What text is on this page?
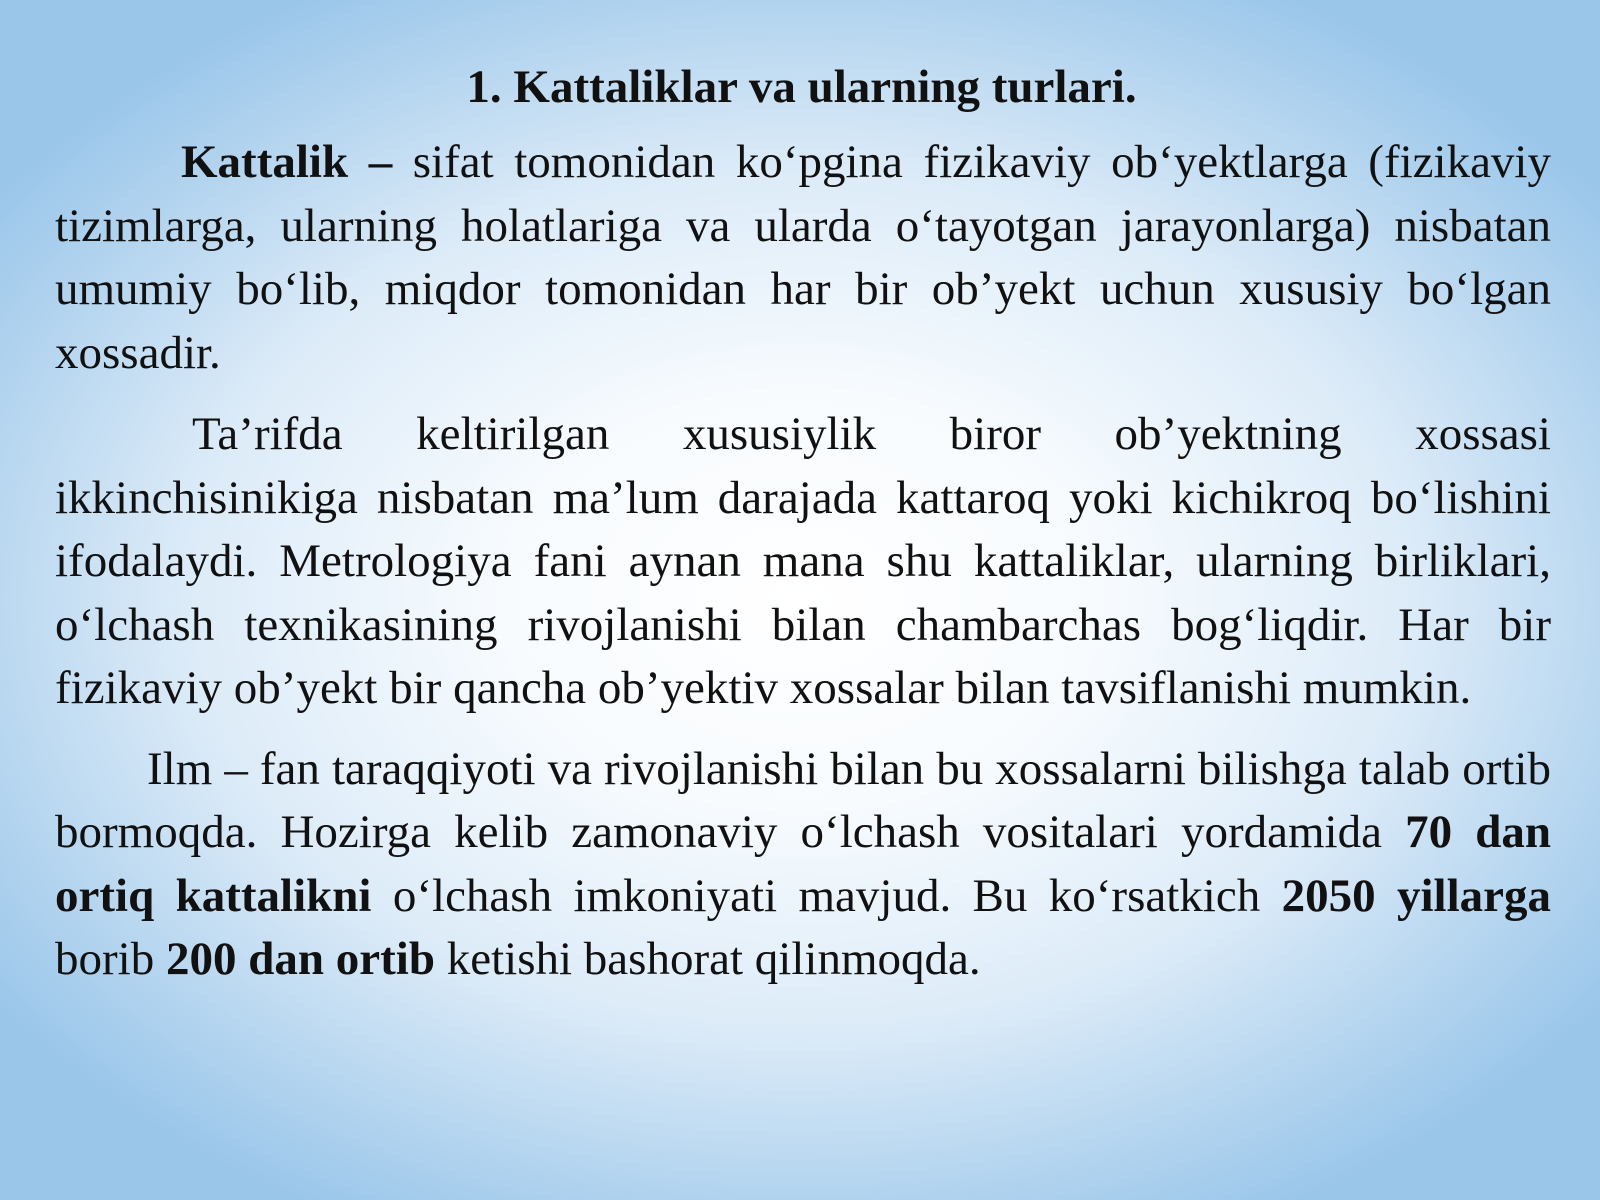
1. Kattaliklar va ularning turlari.

Kattalik – sifat tomonidan ko‘pgina fizikaviy ob‘yektlarga (fizikaviy tizimlarga, ularning holatlariga va ularda o‘tayotgan jarayonlarga) nisbatan umumiy bo‘lib, miqdor tomonidan har bir ob’yekt uchun xususiy bo‘lgan xossadir.

Ta’rifda keltirilgan xususiylik biror ob’yektning xossasi ikkinchisinikiga nisbatan ma’lum darajada kattaroq yoki kichikroq bo‘lishini ifodalaydi. Metrologiya fani aynan mana shu kattaliklar, ularning birliklari, o‘lchash texnikasining rivojlanishi bilan chambarchas bog‘liqdir. Har bir fizikaviy ob’yekt bir qancha ob’yektiv xossalar bilan tavsiflanishi mumkin.

Ilm – fan taraqqiyoti va rivojlanishi bilan bu xossalarni bilishga talab ortib bormoqda. Hozirga kelib zamonaviy o‘lchash vositalari yordamida 70 dan ortiq kattalikni o‘lchash imkoniyati mavjud. Bu ko‘rsatkich 2050 yillarga borib 200 dan ortib ketishi bashorat qilinmoqda.
